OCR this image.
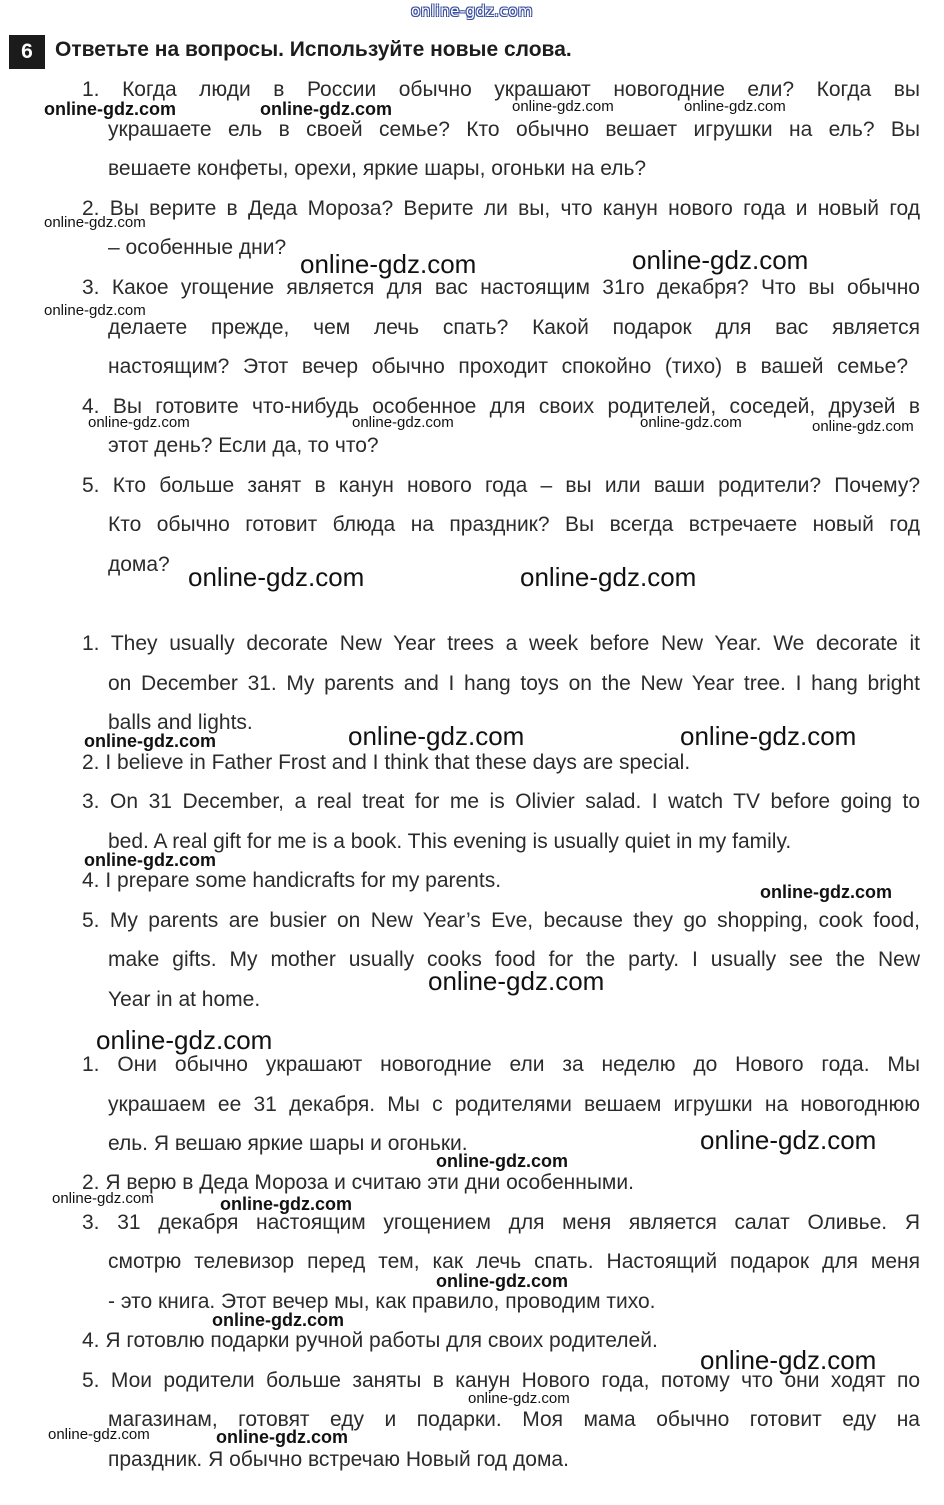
online-gdz.com
6	Ответьте на вопросы. Используйте новые слова.
1. Когда люди в России обычно украшают новогодние ели? Когда вы
украшаете ель в своей семье? Кто обычно вешает игрушки на ель? Вы
вешаете конфеты, орехи, яркие шары, огоньки на ель?
2. Вы верите в Деда Мороза? Верите ли вы, что канун нового года и новый год
– особенные дни?
3. Какое угощение является для вас настоящим 31го декабря? Что вы обычно
делаете прежде, чем лечь спать? Какой подарок для вас является
настоящим? Этот вечер обычно проходит спокойно (тихо) в вашей семье?
4. Вы готовите что-нибудь особенное для своих родителей, соседей, друзей в
этот день? Если да, то что?
5. Кто больше занят в канун нового года – вы или ваши родители? Почему?
Кто обычно готовит блюда на праздник? Вы всегда встречаете новый год
дома?
1. They usually decorate New Year trees a week before New Year. We decorate it
on December 31. My parents and I hang toys on the New Year tree. I hang bright
balls and lights.
2. I believe in Father Frost and I think that these days are special.
3. On 31 December, a real treat for me is Olivier salad. I watch TV before going to
bed. A real gift for me is a book. This evening is usually quiet in my family.
4. I prepare some handicrafts for my parents.
5. My parents are busier on New Year’s Eve, because they go shopping, cook food,
make gifts. My mother usually cooks food for the party. I usually see the New
Year in at home.
1. Они обычно украшают новогодние ели за неделю до Нового года. Мы
украшаем ее 31 декабря. Мы с родителями вешаем игрушки на новогоднюю
ель. Я вешаю яркие шары и огоньки.
2. Я верю в Деда Мороза и считаю эти дни особенными.
3. 31 декабря настоящим угощением для меня является салат Оливье. Я
смотрю телевизор перед тем, как лечь спать. Настоящий подарок для меня
- это книга. Этот вечер мы, как правило, проводим тихо.
4. Я готовлю подарки ручной работы для своих родителей.
5. Мои родители больше заняты в канун Нового года, потому что они ходят по
магазинам, готовят еду и подарки. Моя мама обычно готовит еду на
праздник. Я обычно встречаю Новый год дома.
online-gdz.com	online-gdz.com	online-gdz.com	online-gdz.com
online-gdz.com
online-gdz.com	online-gdz.com
online-gdz.com
online-gdz.com	online-gdz.com	online-gdz.com	online-gdz.com
online-gdz.com	online-gdz.com
online-gdz.com	online-gdz.com	online-gdz.com
online-gdz.com
online-gdz.com
online-gdz.com
online-gdz.com
online-gdz.com
online-gdz.com
online-gdz.com	online-gdz.com
online-gdz.com
online-gdz.com
online-gdz.com
online-gdz.com
online-gdz.com	online-gdz.com
